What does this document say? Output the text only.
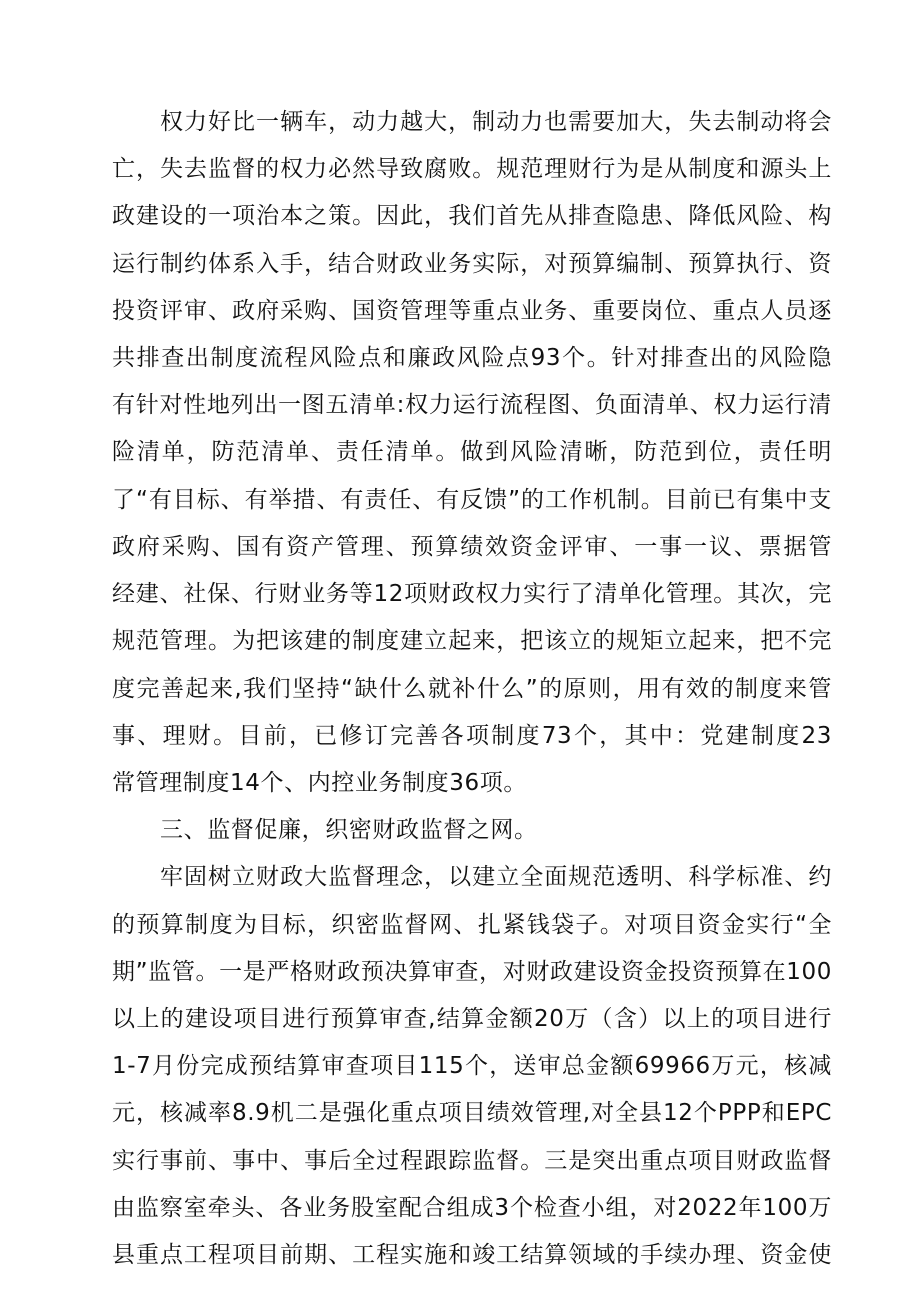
权力好比一辆车，动力越大，制动力也需要加大，失去制动将会
亡，失去监督的权力必然导致腐败。规范理财行为是从制度和源头上
政建设的一项治本之策。因此，我们首先从排查隐患、降低风险、构
运行制约体系入手，结合财政业务实际，对预算编制、预算执行、资
投资评审、政府采购、国资管理等重点业务、重要岗位、重点人员逐
共排查出制度流程风险点和廉政风险点93个。针对排查出的风险隐
有针对性地列出一图五清单:权力运行流程图、负面清单、权力运行清
险清单，防范清单、责任清单。做到风险清晰，防范到位，责任明
了“有目标、有举措、有责任、有反馈”的工作机制。目前已有集中支
政府采购、国有资产管理、预算绩效资金评审、一事一议、票据管
经建、社保、行财业务等12项财政权力实行了清单化管理。其次，完
规范管理。为把该建的制度建立起来，把该立的规矩立起来，把不完
度完善起来,我们坚持“缺什么就补什么”的原则，用有效的制度来管
事、理财。目前，已修订完善各项制度73个，其中：党建制度23
常管理制度14个、内控业务制度36项。
三、监督促廉，织密财政监督之网。
牢固树立财政大监督理念，以建立全面规范透明、科学标准、约
的预算制度为目标，织密监督网、扎紧钱袋子。对项目资金实行“全
期”监管。一是严格财政预决算审查，对财政建设资金投资预算在100
以上的建设项目进行预算审查,结算金额20万（含）以上的项目进行
1-7月份完成预结算审查项目115个，送审总金额69966万元，核减
元，核减率8.9机二是强化重点项目绩效管理,对全县12个PPP和EPC
实行事前、事中、事后全过程跟踪监督。三是突出重点项目财政监督
由监察室牵头、各业务股室配合组成3个检查小组，对2022年100万
县重点工程项目前期、工程实施和竣工结算领域的手续办理、资金使
